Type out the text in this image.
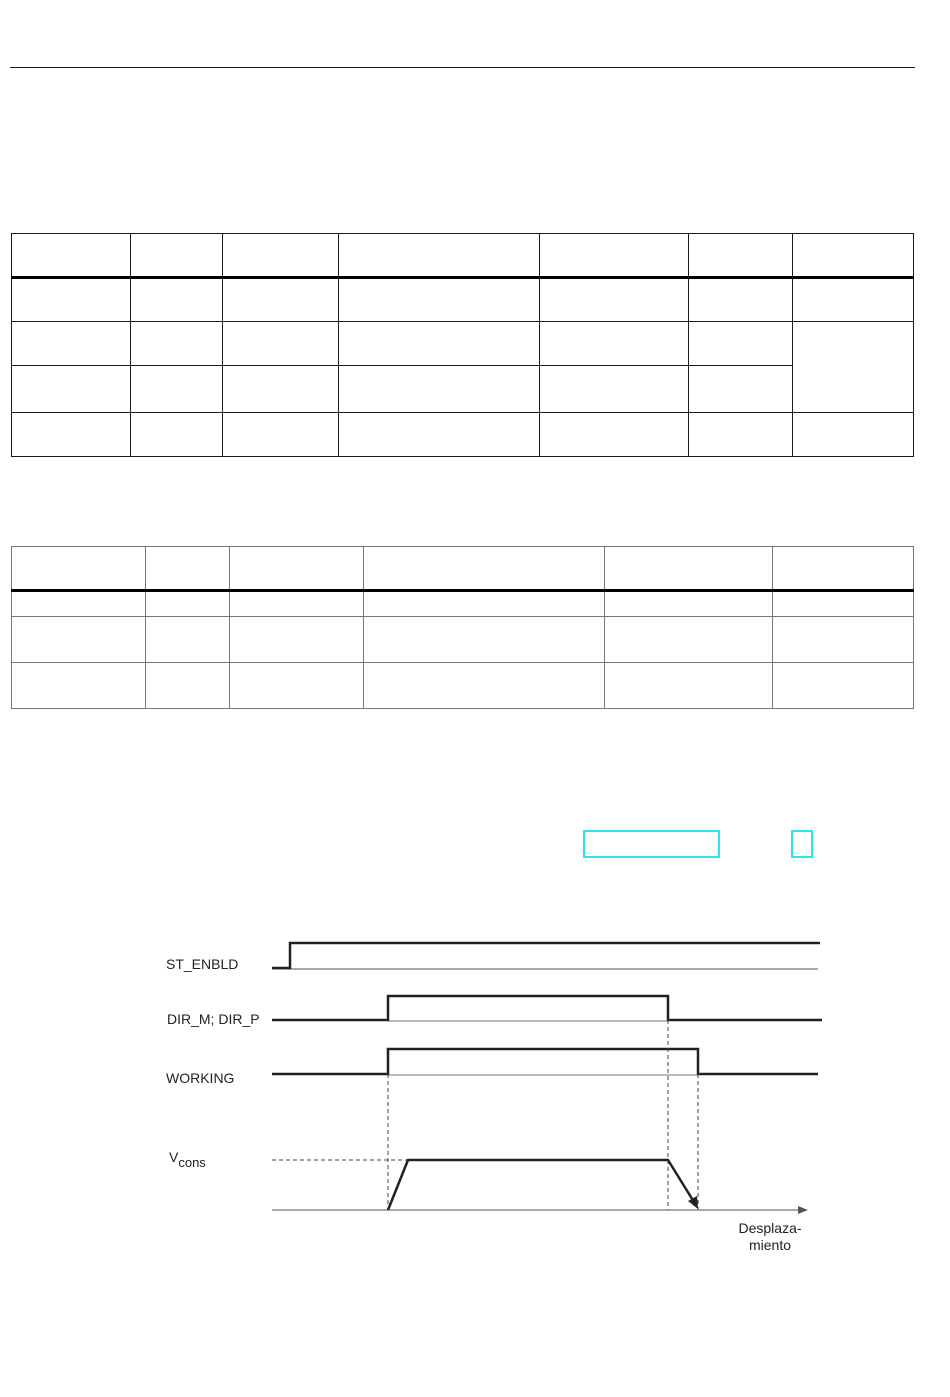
ST_ENBLD
DIR_M; DIR_P
WORKING
Vcons
Desplaza-
miento
